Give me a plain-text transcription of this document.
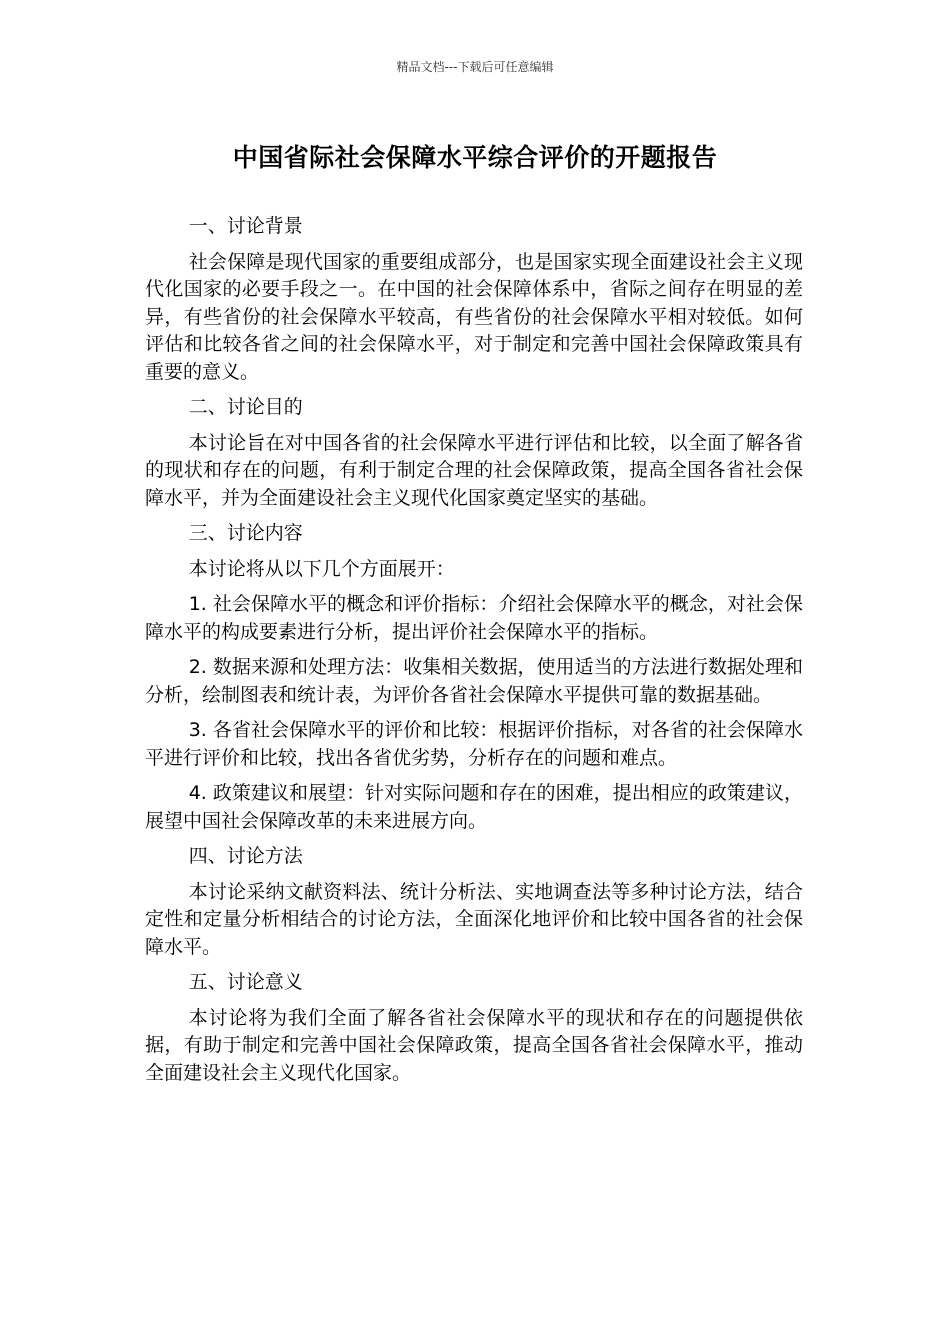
精品文档---下载后可任意编辑
中国省际社会保障水平综合评价的开题报告

一、讨论背景

社会保障是现代国家的重要组成部分，也是国家实现全面建设社会主义现代化国家的必要手段之一。在中国的社会保障体系中，省际之间存在明显的差异，有些省份的社会保障水平较高，有些省份的社会保障水平相对较低。如何评估和比较各省之间的社会保障水平，对于制定和完善中国社会保障政策具有重要的意义。

二、讨论目的

本讨论旨在对中国各省的社会保障水平进行评估和比较，以全面了解各省的现状和存在的问题，有利于制定合理的社会保障政策，提高全国各省社会保障水平，并为全面建设社会主义现代化国家奠定坚实的基础。

三、讨论内容

本讨论将从以下几个方面展开：

1. 社会保障水平的概念和评价指标：介绍社会保障水平的概念，对社会保障水平的构成要素进行分析，提出评价社会保障水平的指标。

2. 数据来源和处理方法：收集相关数据，使用适当的方法进行数据处理和分析，绘制图表和统计表，为评价各省社会保障水平提供可靠的数据基础。

3. 各省社会保障水平的评价和比较：根据评价指标，对各省的社会保障水平进行评价和比较，找出各省优劣势，分析存在的问题和难点。

4. 政策建议和展望：针对实际问题和存在的困难，提出相应的政策建议，展望中国社会保障改革的未来进展方向。

四、讨论方法

本讨论采纳文献资料法、统计分析法、实地调查法等多种讨论方法，结合定性和定量分析相结合的讨论方法，全面深化地评价和比较中国各省的社会保障水平。

五、讨论意义

本讨论将为我们全面了解各省社会保障水平的现状和存在的问题提供依据，有助于制定和完善中国社会保障政策，提高全国各省社会保障水平，推动全面建设社会主义现代化国家。
